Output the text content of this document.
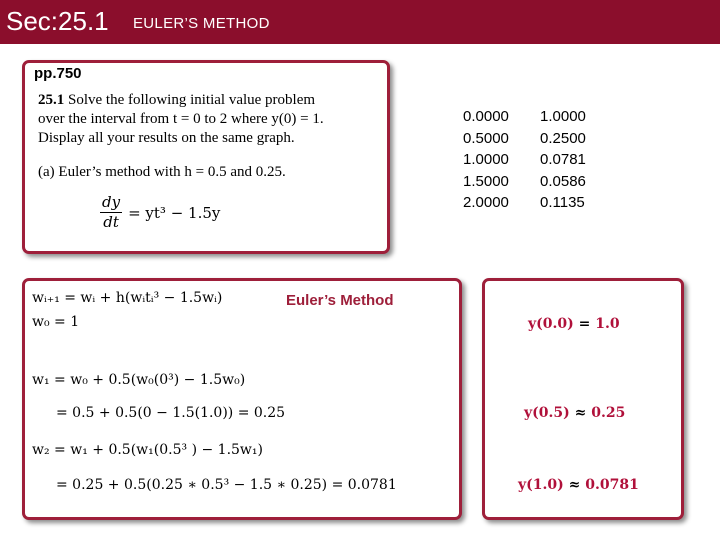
Sec:25.1 EULER’S METHOD
pp.750
25.1 Solve the following initial value problem
over the interval from t = 0 to 2 where y(0) = 1.
Display all your results on the same graph.
(a) Euler’s method with h = 0.5 and 0.25.
$\frac{dy}{dt} = yt^3 - 1.5y$
0.0000
0.5000
1.0000
1.5000
2.0000
1.0000
0.2500
0.0781
0.0586
0.1135
Euler’s Method
wᵢ₊₁ = wᵢ + h(wᵢtᵢ³ − 1.5wᵢ)
w₀ = 1
w₁ = w₀ + 0.5(w₀(0³) − 1.5w₀)
= 0.5 + 0.5(0 − 1.5(1.0)) = 0.25
w₂ = w₁ + 0.5(w₁(0.5³ ) − 1.5w₁)
= 0.25 + 0.5(0.25 ∗ 0.5³ − 1.5 ∗ 0.25) = 0.0781
y(0.0) = 1.0
y(0.5) ≈ 0.25
y(1.0) ≈ 0.0781
